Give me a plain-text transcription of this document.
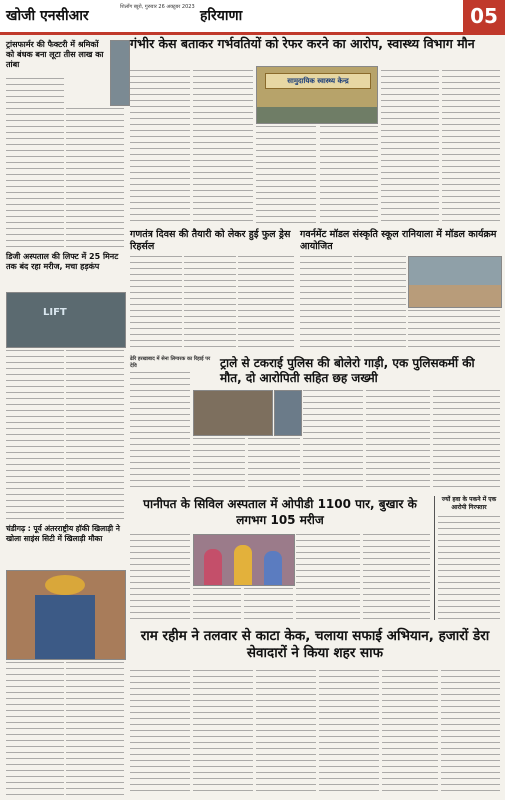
खोजी एनसीआर
शिलाँग ब्यूरो, गुरुवार 26 अक्टूबर 2023
हरियाणा	05
ट्रांसफार्मर की फैक्टरी में श्रमिकों को बंधक बना लूटा तीस लाख का तांबा
गंभीर केस बताकर गर्भवतियों को रेफर करने का आरोप, स्वास्थ्य विभाग मौन
सामुदायिक स्वास्थ्य केन्द्र
डिजी अस्पताल की लिफ्ट में 25 मिनट तक बंद रहा मरीज, मचा हड़कंप
LIFT
गणतंत्र दिवस की तैयारी को लेकर हुई फुल ड्रेस रिहर्सल
गवर्नमेंट मॉडल संस्कृति स्कूल रानियाला में मॉडल कार्यक्रम आयोजित
ढेरि हरखाबाद में सेना लिग्वरक का रिहाई पर देवि	ट्राले से टकराई पुलिस की बोलेरो गाड़ी, एक पुलिसकर्मी की मौत, दो आरोपिती सहित छह जख्मी
चंडीगढ़ : पूर्व अंतरराष्ट्रीय हॉकी खिलाड़ी ने खोला साइंस सिटी में खिलाड़ी मौका
पानीपत के सिविल अस्पताल में ओपीडी 1100 पार, बुखार के लगभग 105 मरीज
ज्यों हवा के पकने में एक आरोपी गिरफ्तार
राम रहीम ने तलवार से काटा केक, चलाया सफाई अभियान, हजारों डेरा सेवादारों ने किया शहर साफ
